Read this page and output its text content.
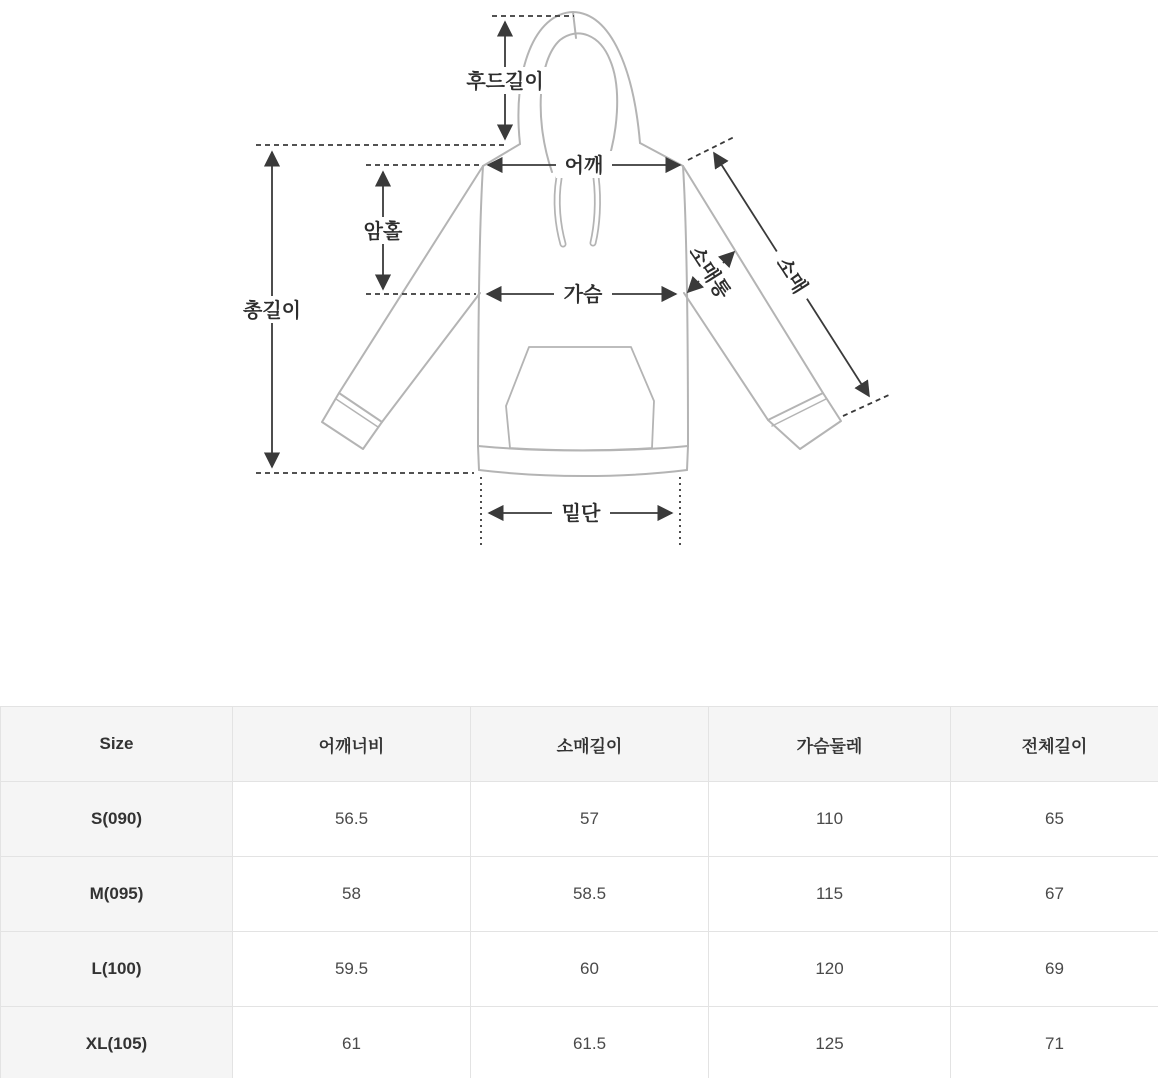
후드길이
어깨
암홀
가슴
총길이
밑단
소매
소매통
Size	어깨너비	소매길이	가슴둘레	전체길이
S(090)	56.5	57	110	65
M(095)	58	58.5	115	67
L(100)	59.5	60	120	69
XL(105)	61	61.5	125	71
